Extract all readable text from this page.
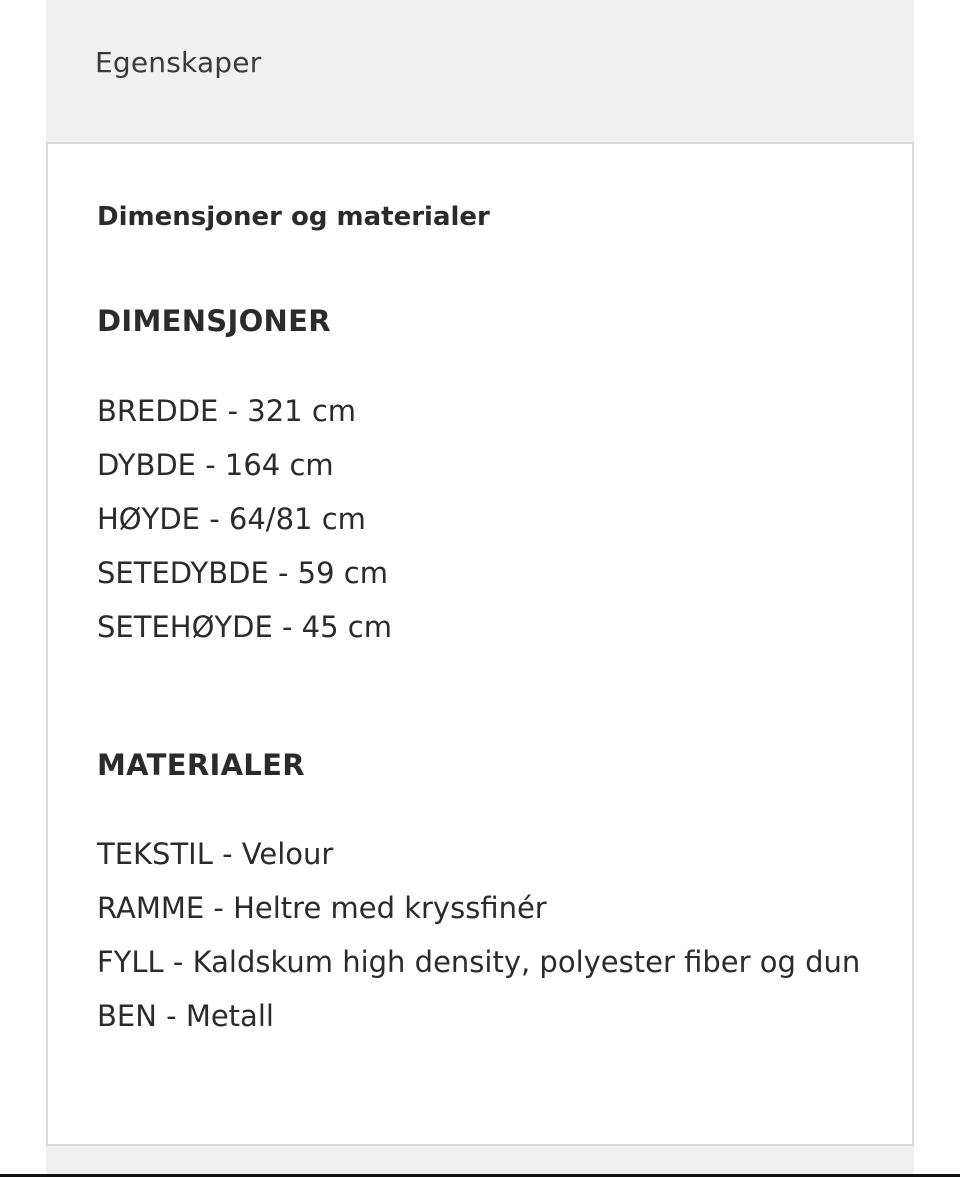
Egenskaper
Dimensjoner og materialer
DIMENSJONER
BREDDE - 321 cm
DYBDE - 164 cm
HØYDE - 64/81 cm
SETEDYBDE - 59 cm
SETEHØYDE - 45 cm
MATERIALER
TEKSTIL - Velour
RAMME - Heltre med kryssfinér
FYLL - Kaldskum high density, polyester fiber og dun
BEN - Metall
